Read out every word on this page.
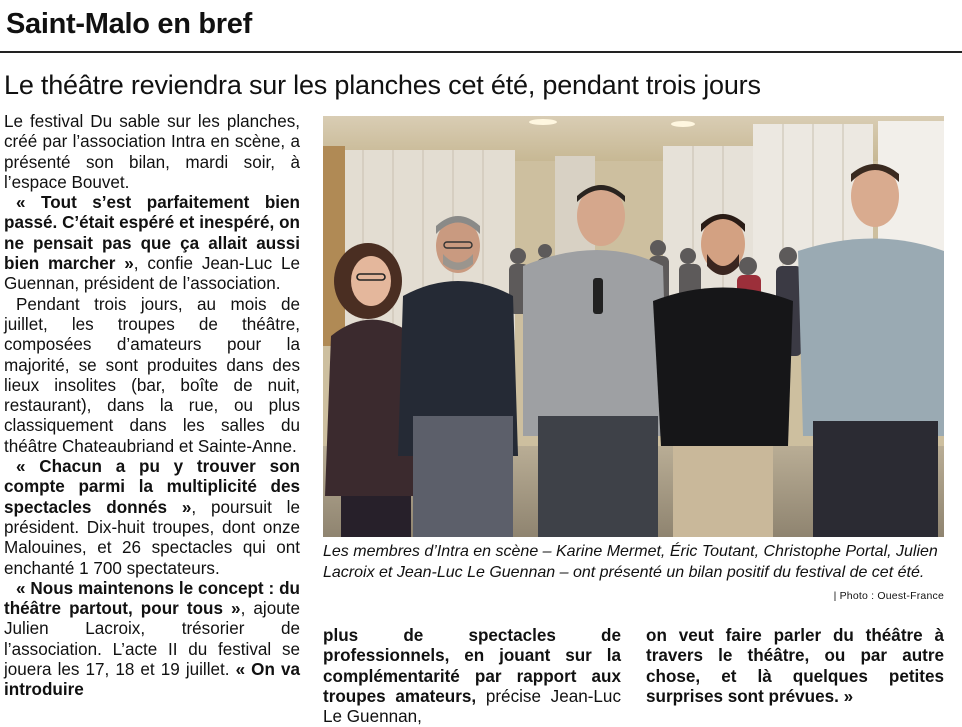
Saint-Malo en bref
Le théâtre reviendra sur les planches cet été, pendant trois jours

Le festival Du sable sur les planches, créé par l’association Intra en scène, a présenté son bilan, mardi soir, à l’espace Bouvet.

« Tout s’est parfaitement bien passé. C’était espéré et inespéré, on ne pensait pas que ça allait aussi bien marcher », confie Jean-Luc Le Guennan, président de l’association.

Pendant trois jours, au mois de juillet, les troupes de théâtre, composées d’amateurs pour la majorité, se sont produites dans des lieux insolites (bar, boîte de nuit, restaurant), dans la rue, ou plus classiquement dans les salles du théâtre Chateaubriand et Sainte-Anne.

« Chacun a pu y trouver son compte parmi la multiplicité des spectacles donnés », poursuit le président. Dix-huit troupes, dont onze Malouines, et 26 spectacles qui ont enchanté 1 700 spectateurs.

« Nous maintenons le concept : du théâtre partout, pour tous », ajoute Julien Lacroix, trésorier de l’association. L’acte II du festival se jouera les 17, 18 et 19 juillet. « On va introduire

Les membres d’Intra en scène – Karine Mermet, Éric Toutant, Christophe Portal, Julien Lacroix et Jean-Luc Le Guennan – ont présenté un bilan positif du festival de cet été.
| Photo : Ouest-France

plus de spectacles de professionnels, en jouant sur la complémentarité par rapport aux troupes amateurs, précise Jean-Luc Le Guennan,

on veut faire parler du théâtre à travers le théâtre, ou par autre chose, et là quelques petites surprises sont prévues. »
